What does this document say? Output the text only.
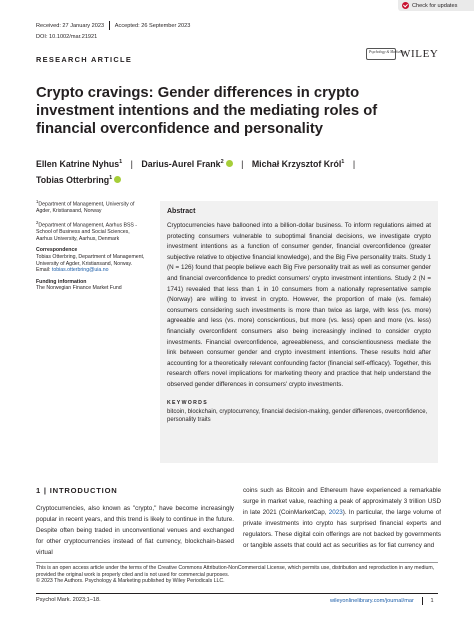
Received: 27 January 2023 Accepted: 26 September 2023
DOI: 10.1002/mar.21921
Check for updates
RESEARCH ARTICLE
Psychology & Marketing
WILEY
Crypto cravings: Gender differences in crypto investment intentions and the mediating roles of financial overconfidence and personality
Ellen Katrine Nyhus$^1$ | Darius-Aurel Frank$^2$ | Michał Krzysztof Król$^1$ |
Tobias Otterbring$^1$

$^1$Department of Management, University of Agder, Kristiansand, Norway

$^2$Department of Management, Aarhus BSS - School of Business and Social Sciences, Aarhus University, Aarhus, Denmark

Correspondence
Tobias Otterbring, Department of Management, University of Agder, Kristiansand, Norway.
Email: tobias.otterbring@uia.no

Funding information
The Norwegian Finance Market Fund

Abstract
Cryptocurrencies have ballooned into a billion-dollar business. To inform regulations aimed at protecting consumers vulnerable to suboptimal financial decisions, we investigate crypto investment intentions as a function of consumer gender, financial overconfidence (greater subjective relative to objective financial knowledge), and the Big Five personality traits. Study 1 (N = 126) found that people believe each Big Five personality trait as well as consumer gender and financial overconfidence to predict consumers' crypto investment intentions. Study 2 (N = 1741) revealed that less than 1 in 10 consumers from a nationally representative sample (Norway) are willing to invest in crypto. However, the proportion of male (vs. female) consumers considering such investments is more than twice as large, with less (vs. more) agreeable and less (vs. more) conscientious, but more (vs. less) open and more (vs. less) financially overconfident consumers also being increasingly inclined to consider crypto investments. Financial overconfidence, agreeableness, and conscientiousness mediate the link between consumer gender and crypto investment intentions. These results hold after accounting for a theoretically relevant confounding factor (financial self-efficacy). Together, this research offers novel implications for marketing theory and practice that help understand the observed gender differences in consumers' crypto investments.
KEYWORDS
bitcoin, blockchain, cryptocurrency, financial decision-making, gender differences, overconfidence, personality traits
1 | INTRODUCTION
Cryptocurrencies, also known as "crypto," have become increasingly popular in recent years, and this trend is likely to continue in the future. Despite often being traded in unconventional venues and exchanged for other cryptocurrencies instead of fiat currency, blockchain-based virtual
coins such as Bitcoin and Ethereum have experienced a remarkable surge in market value, reaching a peak of approximately 3 trillion USD in late 2021 (CoinMarketCap, 2023). In particular, the large volume of private investments into crypto has surprised financial experts and regulators. These digital coin offerings are not backed by governments or tangible assets that could act as securities as for fiat currency and
This is an open access article under the terms of the Creative Commons Attribution-NonCommercial License, which permits use, distribution and reproduction in any medium, provided the original work is properly cited and is not used for commercial purposes.
© 2023 The Authors. Psychology & Marketing published by Wiley Periodicals LLC.
Psychol Mark. 2023;1–18.	wileyonlinelibrary.com/journal/mar	1
